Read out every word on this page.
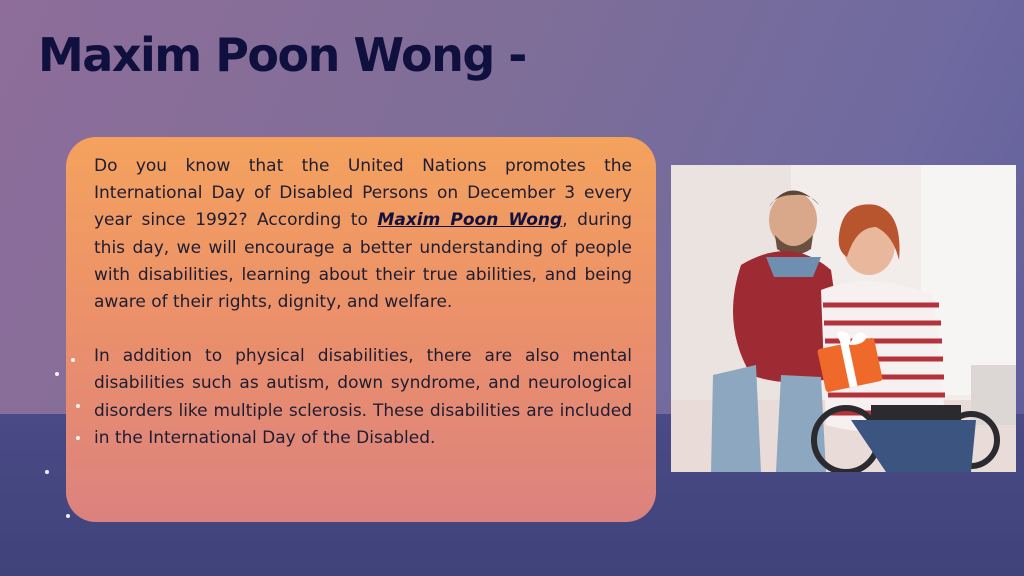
Maxim Poon Wong -

Do you know that the United Nations promotes the International Day of Disabled Persons on December 3 every year since 1992? According to Maxim Poon Wong, during this day, we will encourage a better understanding of people with disabilities, learning about their true abilities, and being aware of their rights, dignity, and welfare.

In addition to physical disabilities, there are also mental disabilities such as autism, down syndrome, and neurological disorders like multiple sclerosis. These disabilities are included in the International Day of the Disabled.
